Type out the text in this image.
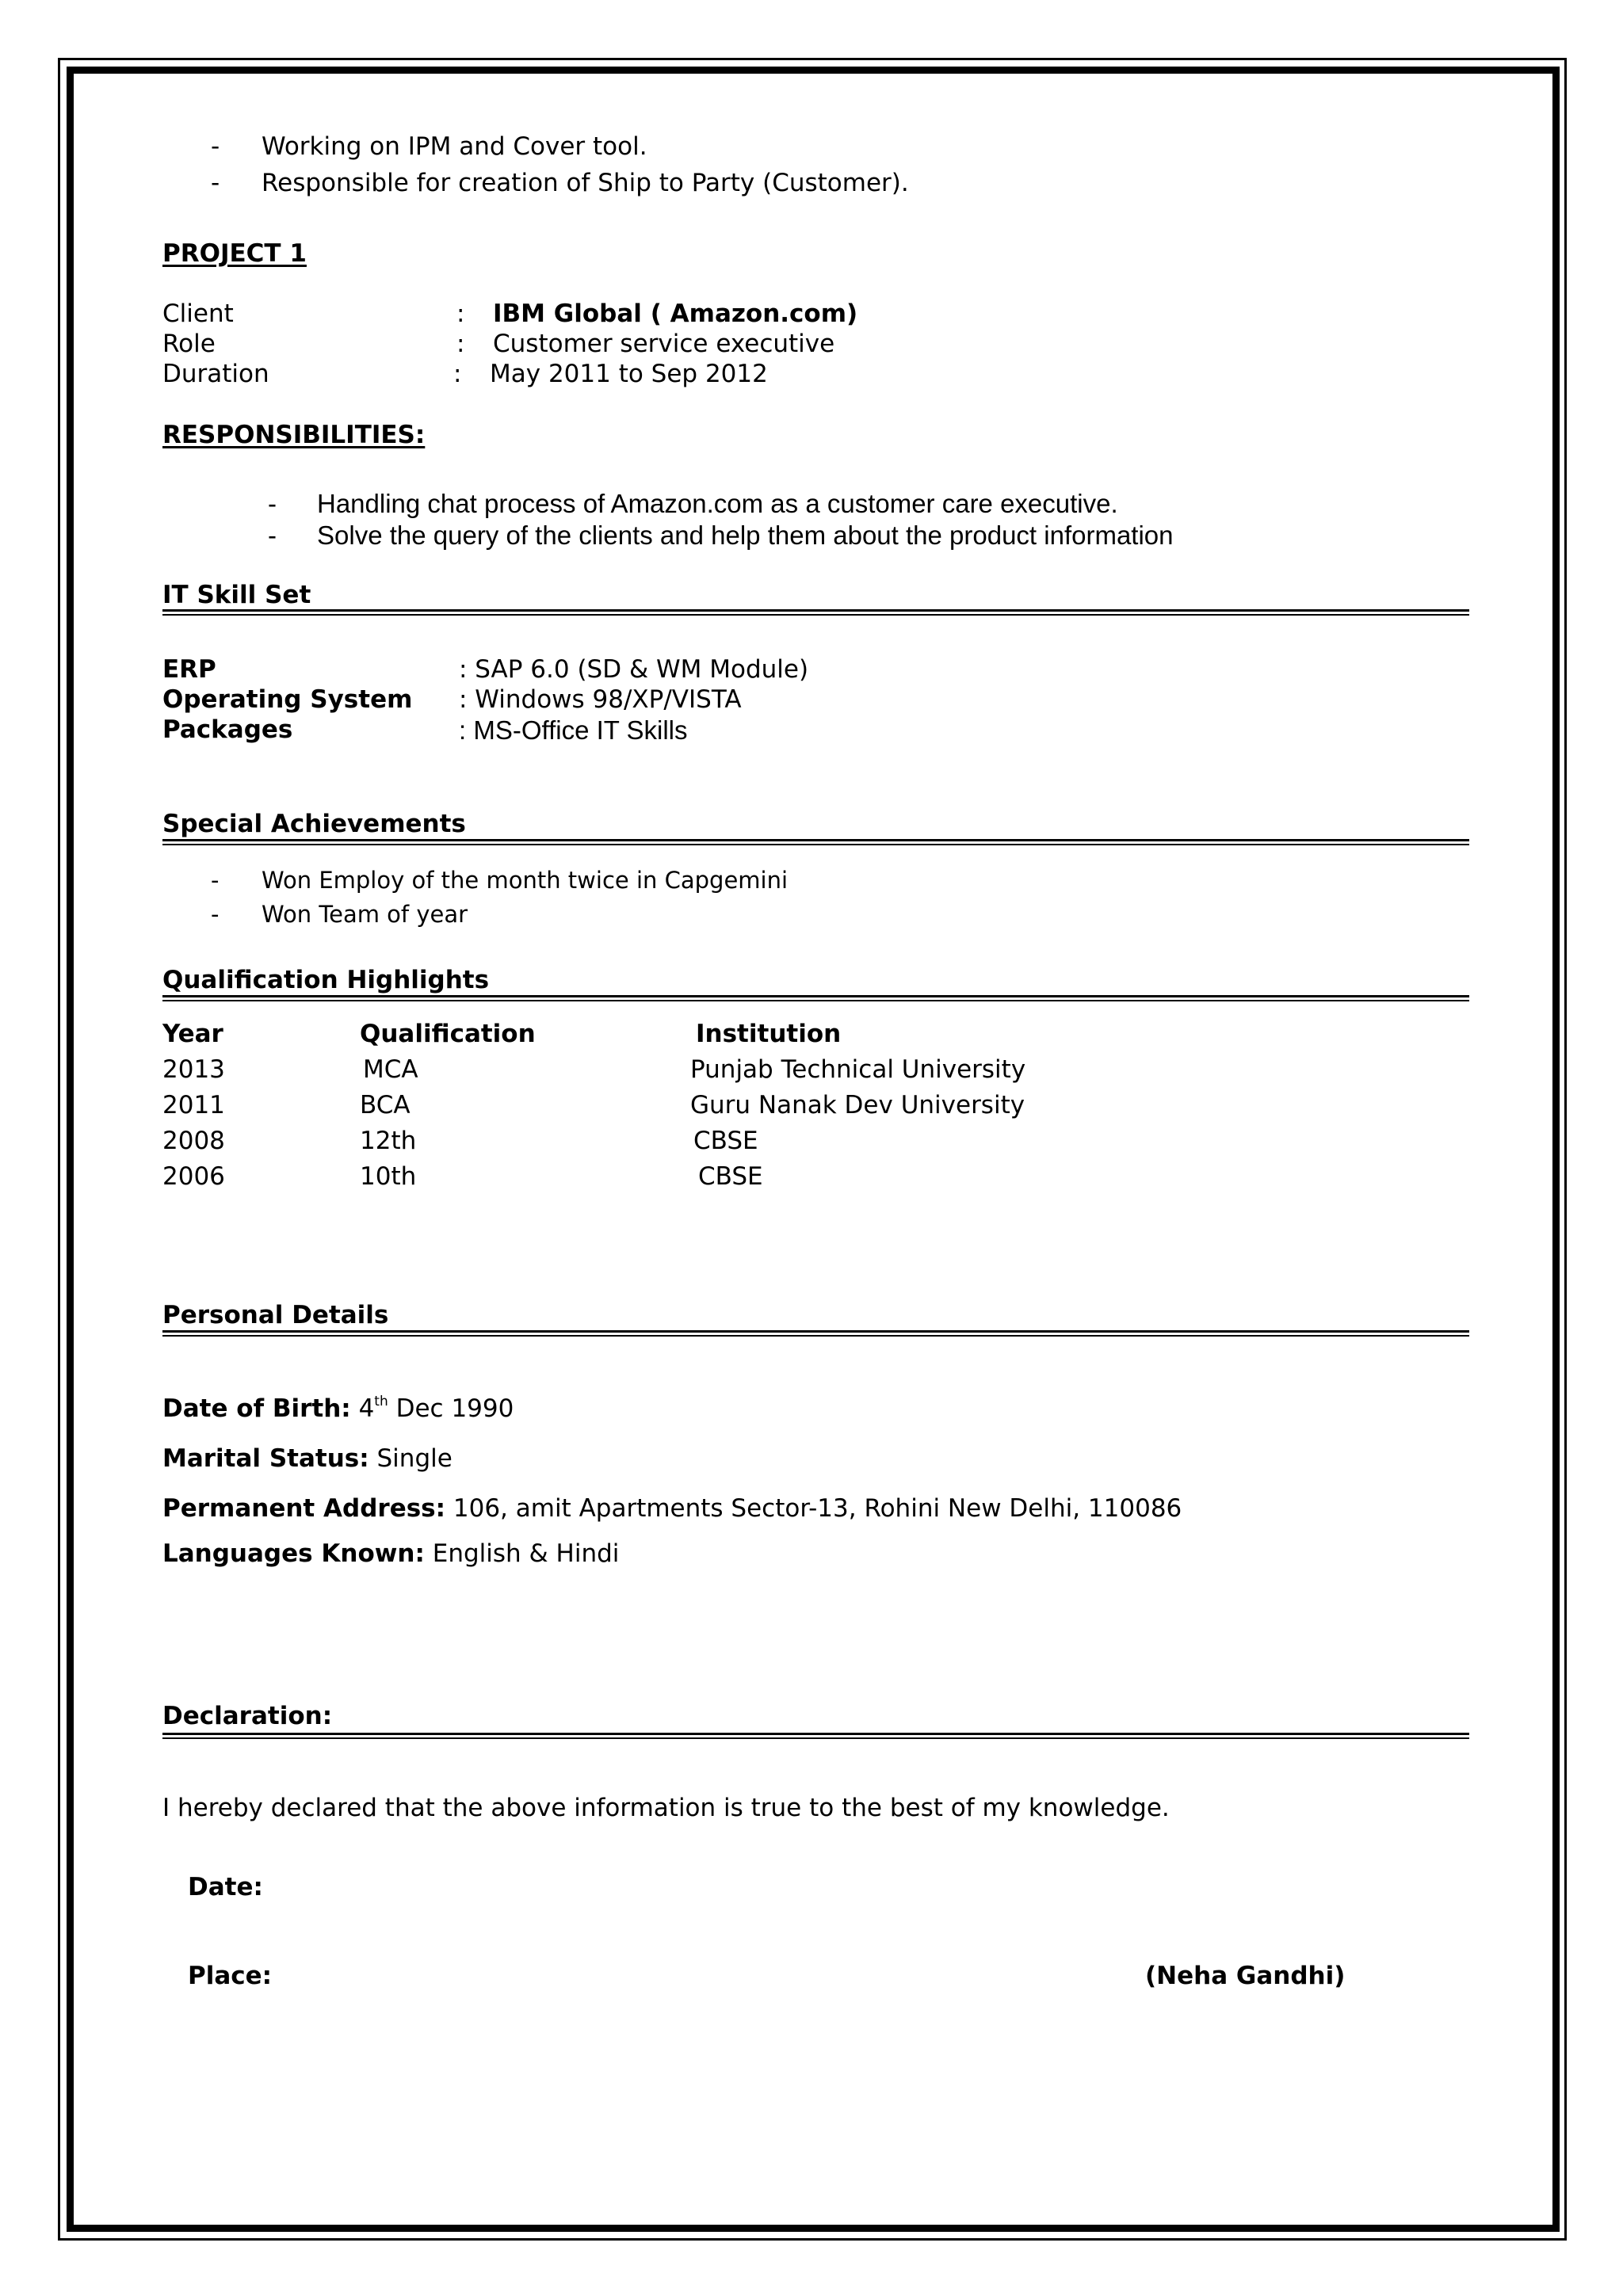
- Working on IPM and Cover tool.
- Responsible for creation of Ship to Party (Customer).
PROJECT 1
Client	: IBM Global ( Amazon.com)
Role	: Customer service executive
Duration	: May 2011 to Sep 2012
RESPONSIBILITIES:
- Handling chat process of Amazon.com as a customer care executive.
- Solve the query of the clients and help them about the product information
IT Skill Set
ERP	: SAP 6.0 (SD & WM Module)
Operating System : Windows 98/XP/VISTA
Packages	: MS-Office IT Skills
Special Achievements
- Won Employ of the month twice in Capgemini
- Won Team of year
Qualification Highlights
Year	Qualification	Institution
2013	MCA	Punjab Technical University
2011	BCA	Guru Nanak Dev University
2008	12th	CBSE
2006	10th	CBSE
Personal Details
Date of Birth: 4th Dec 1990
Marital Status: Single
Permanent Address: 106, amit Apartments Sector-13, Rohini New Delhi, 110086
Languages Known: English & Hindi
Declaration:
I hereby declared that the above information is true to the best of my knowledge.
Date:
Place:	(Neha Gandhi)
